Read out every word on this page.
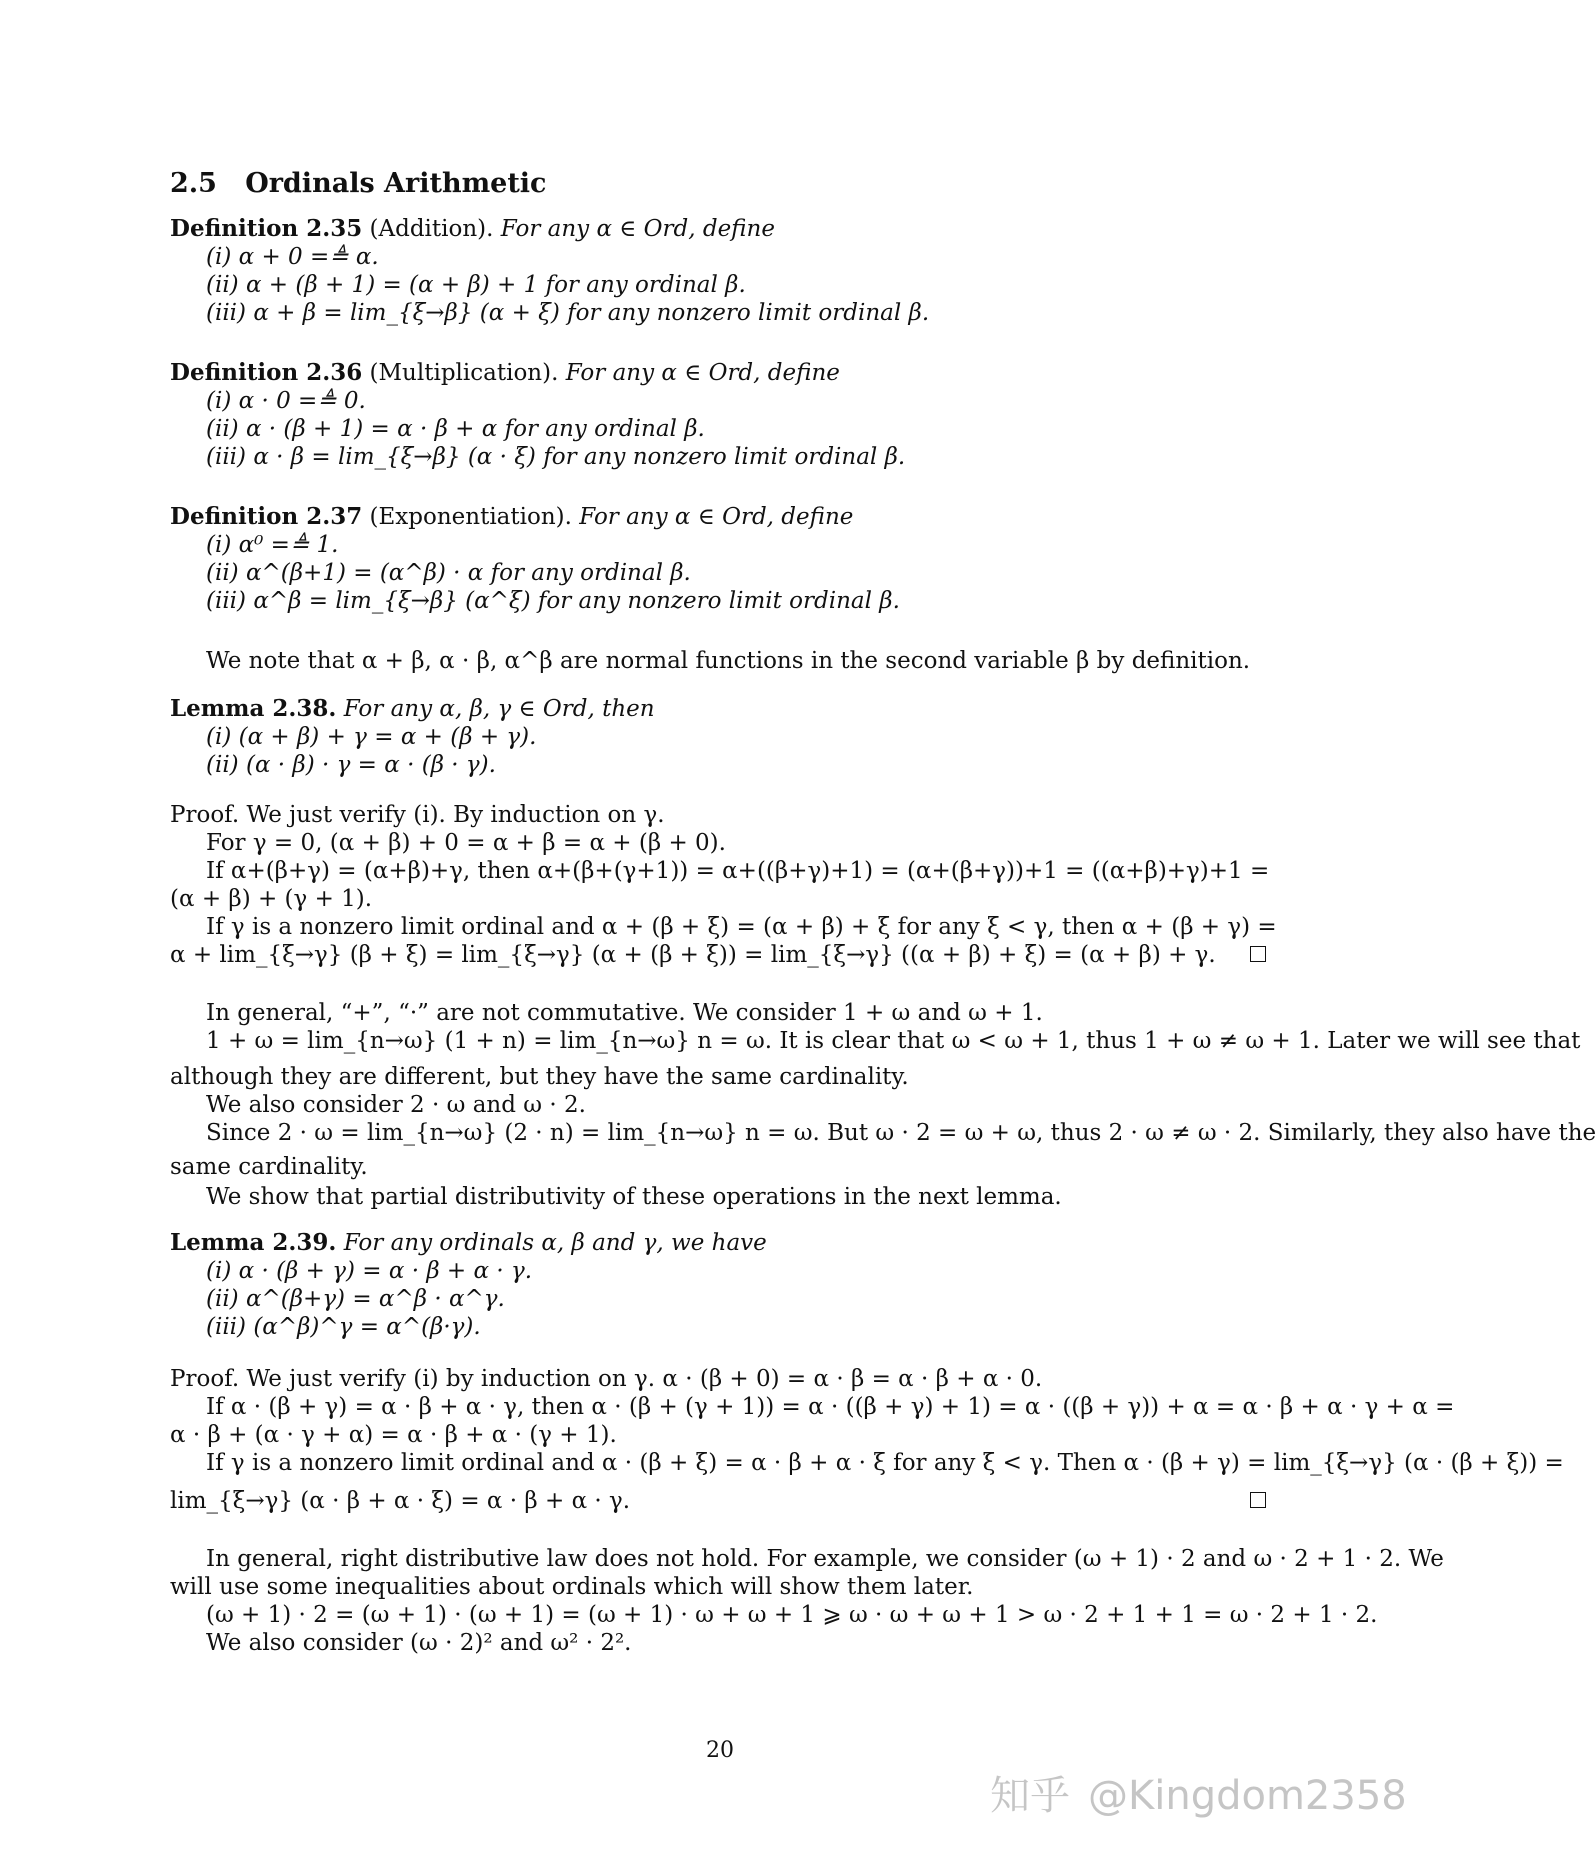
2.5 Ordinals Arithmetic
Definition 2.35 (Addition). For any α ∈ Ord, define
(i) α + 0 =≜ α.
(ii) α + (β + 1) = (α + β) + 1 for any ordinal β.
(iii) α + β = lim_{ξ→β} (α + ξ) for any nonzero limit ordinal β.
Definition 2.36 (Multiplication). For any α ∈ Ord, define
(i) α · 0 =≜ 0.
(ii) α · (β + 1) = α · β + α for any ordinal β.
(iii) α · β = lim_{ξ→β} (α · ξ) for any nonzero limit ordinal β.
Definition 2.37 (Exponentiation). For any α ∈ Ord, define
(i) α⁰ =≜ 1.
(ii) α^(β+1) = (α^β) · α for any ordinal β.
(iii) α^β = lim_{ξ→β} (α^ξ) for any nonzero limit ordinal β.
We note that α + β, α · β, α^β are normal functions in the second variable β by definition.
Lemma 2.38. For any α, β, γ ∈ Ord, then
(i) (α + β) + γ = α + (β + γ).
(ii) (α · β) · γ = α · (β · γ).
Proof. We just verify (i). By induction on γ.
For γ = 0, (α + β) + 0 = α + β = α + (β + 0).
If α+(β+γ) = (α+β)+γ, then α+(β+(γ+1)) = α+((β+γ)+1) = (α+(β+γ))+1 = ((α+β)+γ)+1 =
(α + β) + (γ + 1).
If γ is a nonzero limit ordinal and α + (β + ξ) = (α + β) + ξ for any ξ < γ, then α + (β + γ) =
α + lim_{ξ→γ} (β + ξ) = lim_{ξ→γ} (α + (β + ξ)) = lim_{ξ→γ} ((α + β) + ξ) = (α + β) + γ.
In general, “+”, “·” are not commutative. We consider 1 + ω and ω + 1.
1 + ω = lim_{n→ω} (1 + n) = lim_{n→ω} n = ω. It is clear that ω < ω + 1, thus 1 + ω ≠ ω + 1. Later we will see that
although they are different, but they have the same cardinality.
We also consider 2 · ω and ω · 2.
Since 2 · ω = lim_{n→ω} (2 · n) = lim_{n→ω} n = ω. But ω · 2 = ω + ω, thus 2 · ω ≠ ω · 2. Similarly, they also have the
same cardinality.
We show that partial distributivity of these operations in the next lemma.
Lemma 2.39. For any ordinals α, β and γ, we have
(i) α · (β + γ) = α · β + α · γ.
(ii) α^(β+γ) = α^β · α^γ.
(iii) (α^β)^γ = α^(β·γ).
Proof. We just verify (i) by induction on γ. α · (β + 0) = α · β = α · β + α · 0.
If α · (β + γ) = α · β + α · γ, then α · (β + (γ + 1)) = α · ((β + γ) + 1) = α · ((β + γ)) + α = α · β + α · γ + α =
α · β + (α · γ + α) = α · β + α · (γ + 1).
If γ is a nonzero limit ordinal and α · (β + ξ) = α · β + α · ξ for any ξ < γ. Then α · (β + γ) = lim_{ξ→γ} (α · (β + ξ)) =
lim_{ξ→γ} (α · β + α · ξ) = α · β + α · γ.
In general, right distributive law does not hold. For example, we consider (ω + 1) · 2 and ω · 2 + 1 · 2. We
will use some inequalities about ordinals which will show them later.
(ω + 1) · 2 = (ω + 1) · (ω + 1) = (ω + 1) · ω + ω + 1 ⩾ ω · ω + ω + 1 > ω · 2 + 1 + 1 = ω · 2 + 1 · 2.
We also consider (ω · 2)² and ω² · 2².
20
知乎 @Kingdom2358
